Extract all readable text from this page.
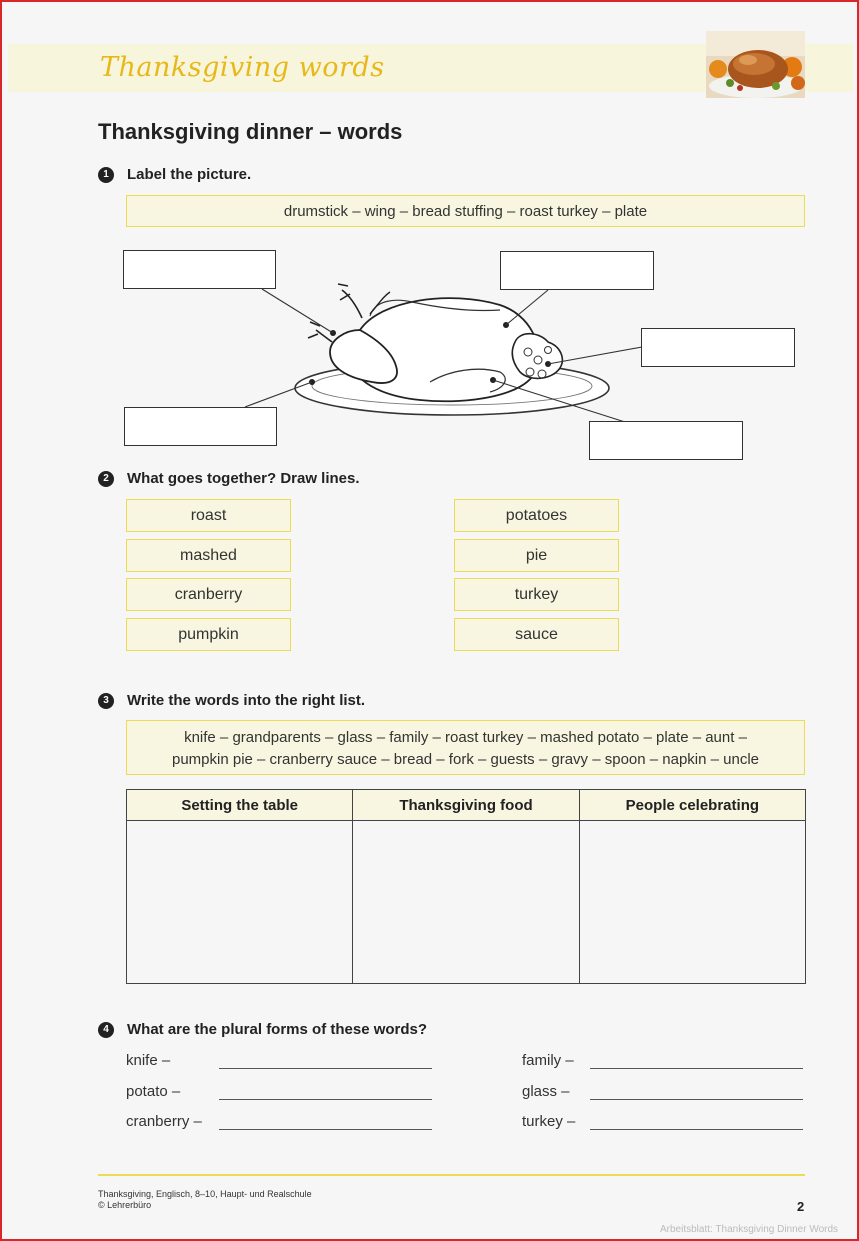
Thanksgiving words
Thanksgiving dinner – words
1	Label the picture.
drumstick – wing – bread stuffing – roast turkey – plate
2	What goes together? Draw lines.
roast
mashed
cranberry
pumpkin
potatoes
pie
turkey
sauce
3	Write the words into the right list.
knife – grandparents – glass – family – roast turkey – mashed potato – plate – aunt –
pumpkin pie – cranberry sauce – bread – fork – guests – gravy – spoon – napkin – uncle
Setting the table	Thanksgiving food	People celebrating

4	What are the plural forms of these words?
knife –
potato –
cranberry –
family –
glass –
turkey –
Thanksgiving, Englisch, 8–10, Haupt- und Realschule
© Lehrerbüro	2
Arbeitsblatt: Thanksgiving Dinner Words
